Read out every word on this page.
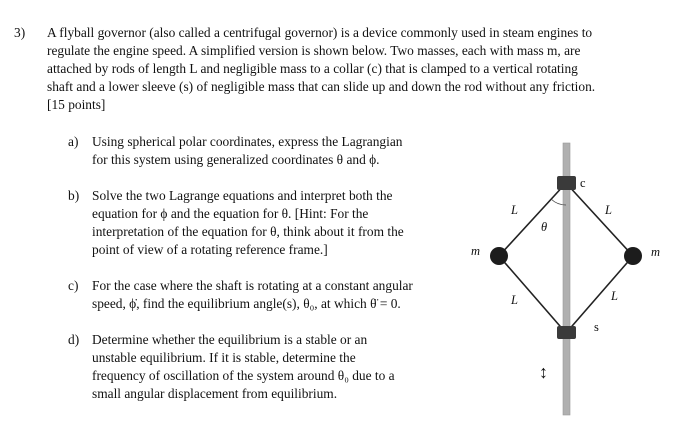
3) A flyball governor (also called a centrifugal governor) is a device commonly used in steam engines to
regulate the engine speed. A simplified version is shown below. Two masses, each with mass m, are
attached by rods of length L and negligible mass to a collar (c) that is clamped to a vertical rotating
shaft and a lower sleeve (s) of negligible mass that can slide up and down the rod without any friction.
[15 points]
a) Using spherical polar coordinates, express the Lagrangian
for this system using generalized coordinates θ and ϕ.
b) Solve the two Lagrange equations and interpret both the
equation for ϕ and the equation for θ. [Hint: For the
interpretation of the equation for θ, think about it from the
point of view of a rotating reference frame.]
c) For the case where the shaft is rotating at a constant angular
speed, ϕ̇, find the equilibrium angle(s), θ₀, at which θ̈ = 0.
d) Determine whether the equilibrium is a stable or an
unstable equilibrium. If it is stable, determine the
frequency of oscillation of the system around θ₀ due to a
small angular displacement from equilibrium.
c
s
L	L
L	L
θ
m	m
↕
